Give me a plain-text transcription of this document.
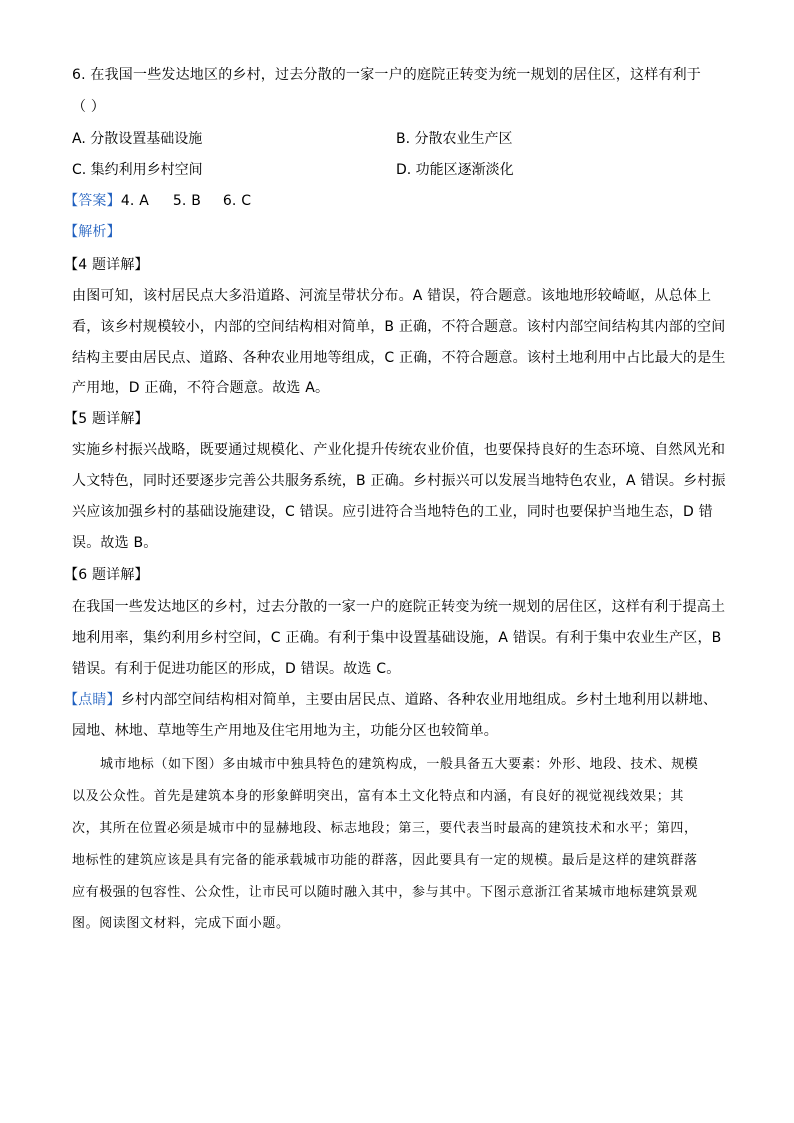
6. 在我国一些发达地区的乡村，过去分散的一家一户的庭院正转变为统一规划的居住区，这样有利于
（ ）
A. 分散设置基础设施	B. 分散农业生产区
C. 集约利用乡村空间	D. 功能区逐渐淡化
【答案】4. A 5. B 6. C
【解析】
【4 题详解】
由图可知，该村居民点大多沿道路、河流呈带状分布。A 错误，符合题意。该地地形较崎岖，从总体上
看，该乡村规模较小，内部的空间结构相对简单，B 正确，不符合题意。该村内部空间结构其内部的空间
结构主要由居民点、道路、各种农业用地等组成，C 正确，不符合题意。该村土地利用中占比最大的是生
产用地，D 正确，不符合题意。故选 A。
【5 题详解】
实施乡村振兴战略，既要通过规模化、产业化提升传统农业价值，也要保持良好的生态环境、自然风光和
人文特色，同时还要逐步完善公共服务系统，B 正确。乡村振兴可以发展当地特色农业，A 错误。乡村振
兴应该加强乡村的基础设施建设，C 错误。应引进符合当地特色的工业，同时也要保护当地生态，D 错
误。故选 B。
【6 题详解】
在我国一些发达地区的乡村，过去分散的一家一户的庭院正转变为统一规划的居住区，这样有利于提高土
地利用率，集约利用乡村空间，C 正确。有利于集中设置基础设施，A 错误。有利于集中农业生产区，B
错误。有利于促进功能区的形成，D 错误。故选 C。
【点睛】乡村内部空间结构相对简单，主要由居民点、道路、各种农业用地组成。乡村土地利用以耕地、
园地、林地、草地等生产用地及住宅用地为主，功能分区也较简单。
城市地标（如下图）多由城市中独具特色的建筑构成，一般具备五大要素：外形、地段、技术、规模
以及公众性。首先是建筑本身的形象鲜明突出，富有本土文化特点和内涵，有良好的视觉视线效果；其
次，其所在位置必须是城市中的显赫地段、标志地段；第三，要代表当时最高的建筑技术和水平；第四，
地标性的建筑应该是具有完备的能承载城市功能的群落，因此要具有一定的规模。最后是这样的建筑群落
应有极强的包容性、公众性，让市民可以随时融入其中，参与其中。下图示意浙江省某城市地标建筑景观
图。阅读图文材料，完成下面小题。
